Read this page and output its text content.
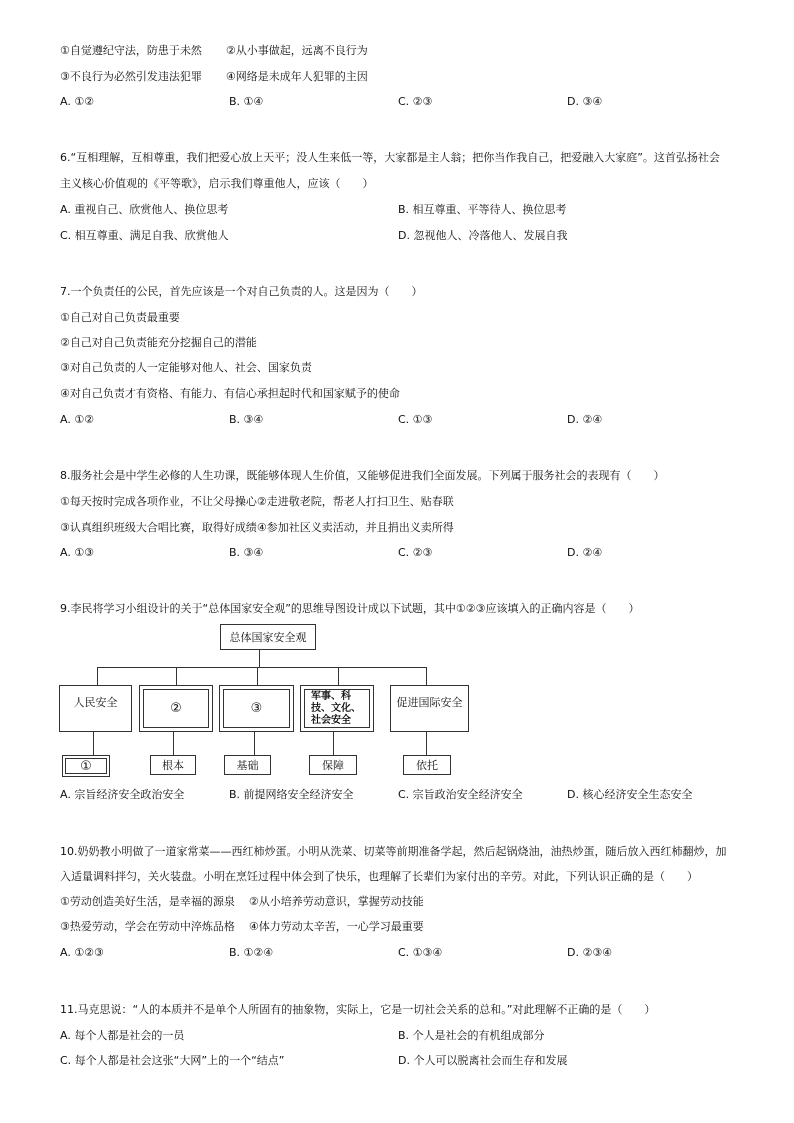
①自觉遵纪守法，防患于未然 ②从小事做起，远离不良行为
③不良行为必然引发违法犯罪 ④网络是未成年人犯罪的主因
A. ①②	B. ①④	C. ②③	D. ③④
6.“互相理解，互相尊重，我们把爱心放上天平；没人生来低一等，大家都是主人翁；把你当作我自己，把爱融入大家庭”。这首弘扬社会
主义核心价值观的《平等歌》，启示我们尊重他人，应该（　　）
A. 重视自己、欣赏他人、换位思考	B. 相互尊重、平等待人、换位思考
C. 相互尊重、满足自我、欣赏他人	D. 忽视他人、冷落他人、发展自我
7.一个负责任的公民，首先应该是一个对自己负责的人。这是因为（　　）
①自己对自己负责最重要
②自己对自己负责能充分挖掘自己的潜能
③对自己负责的人一定能够对他人、社会、国家负责
④对自己负责才有资格、有能力、有信心承担起时代和国家赋予的使命
A. ①②	B. ③④	C. ①③	D. ②④
8.服务社会是中学生必修的人生功课，既能够体现人生价值，又能够促进我们全面发展。下列属于服务社会的表现有（　　）
①每天按时完成各项作业，不让父母操心②走进敬老院，帮老人打扫卫生、贴春联
③认真组织班级大合唱比赛，取得好成绩④参加社区义卖活动，并且捐出义卖所得
A. ①③	B. ③④	C. ②③	D. ②④
9.李民将学习小组设计的关于“总体国家安全观”的思维导图设计成以下试题，其中①②③应该填入的正确内容是（　　）
总体国家安全观
人民安全	②	③
军事、科技、文化、社会安全
促进国际安全
①	根本	基础	保障	依托
A. 宗旨经济安全政治安全	B. 前提网络安全经济安全	C. 宗旨政治安全经济安全	D. 核心经济安全生态安全
10.奶奶教小明做了一道家常菜——西红柿炒蛋。小明从洗菜、切菜等前期准备学起，然后起锅烧油，油热炒蛋，随后放入西红柿翻炒，加
入适量调料拌匀，关火装盘。小明在烹饪过程中体会到了快乐，也理解了长辈们为家付出的辛劳。对此，下列认识正确的是（　　）
①劳动创造美好生活，是幸福的源泉 ②从小培养劳动意识，掌握劳动技能
③热爱劳动，学会在劳动中淬炼品格 ④体力劳动太辛苦，一心学习最重要
A. ①②③	B. ①②④	C. ①③④	D. ②③④
11.马克思说：“人的本质并不是单个人所固有的抽象物，实际上，它是一切社会关系的总和。”对此理解不正确的是（　　）
A. 每个人都是社会的一员	B. 个人是社会的有机组成部分
C. 每个人都是社会这张“大网”上的一个“结点”	D. 个人可以脱离社会而生存和发展
